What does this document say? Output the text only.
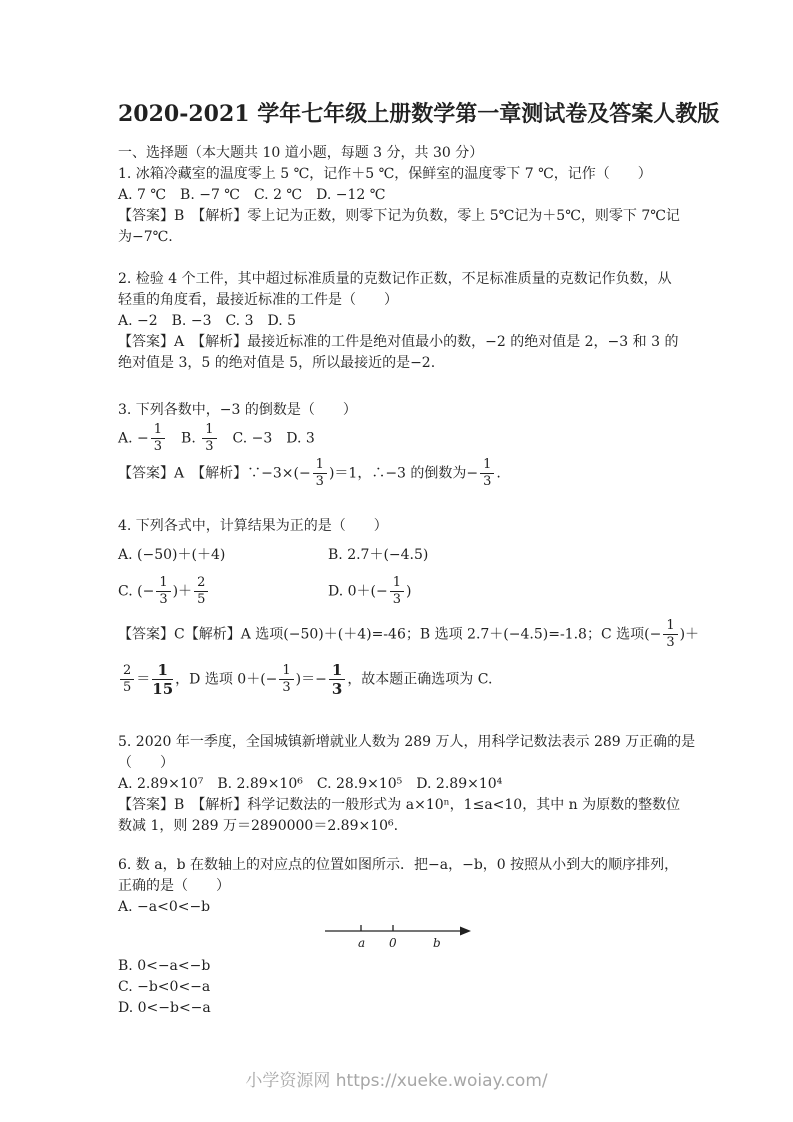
2020-2021 学年七年级上册数学第一章测试卷及答案人教版

一、选择题（本大题共 10 道小题，每题 3 分，共 30 分）

1. 冰箱冷藏室的温度零上 5 ℃，记作＋5 ℃，保鲜室的温度零下 7 ℃，记作（　　）

A. 7 ℃　B. −7 ℃　C. 2 ℃　D. −12 ℃

【答案】B　【解析】零上记为正数，则零下记为负数，零上 5℃记为＋5℃，则零下 7℃记

为−7℃.

2. 检验 4 个工件，其中超过标准质量的克数记作正数，不足标准质量的克数记作负数，从

轻重的角度看，最接近标准的工件是（　　）

A. −2　B. −3　C. 3　D. 5

【答案】A　【解析】最接近标准的工件是绝对值最小的数，−2 的绝对值是 2，−3 和 3 的

绝对值是 3，5 的绝对值是 5，所以最接近的是−2.

3. 下列各数中，−3 的倒数是（　　）

A. − $\frac{1}{3}$ 　B. $\frac{1}{3}$ 　C. −3　D. 3

【答案】A　【解析】∵−3×(− $\frac{1}{3} )=1$，∴−3 的倒数为− $\frac{1}{3}$ .

4. 下列各式中，计算结果为正的是（　　）

A. (−50)＋(＋4)	B. 2.7＋(−4.5)

C. (− $\frac{1}{3}$ )＋ $\frac{2}{5}$	D. $0+(- \frac{1}{3}$ )

【答案】C【解析】A 选项(−50)＋(＋4)=-46；B 选项 2.7＋(−4.5)=-1.8；C 选项(− $\frac{1}{3}$ )＋

$\frac{2}{5} = \frac{1}{15}$ ，D 选项 $0+(- \frac{1}{3}$ )＝− $\frac{1}{3}$ ，故本题正确选项为 C.

5. 2020 年一季度，全国城镇新增就业人数为 289 万人，用科学记数法表示 289 万正确的是

（　　）

A. 2.89×10⁷　B. 2.89×10⁶　C. 28.9×10⁵　D. 2.89×10⁴

【答案】B　【解析】科学记数法的一般形式为 a×10ⁿ，1≤a<10，其中 n 为原数的整数位

数减 1，则 289 万＝2890000＝2.89×10⁶.

6. 数 a，b 在数轴上的对应点的位置如图所示．把−a，−b，0 按照从小到大的顺序排列，

正确的是（　　）

A. −a<0<−b

a 0	b

B. 0<−a<−b

C. −b<0<−a

D. 0<−b<−a

小学资源网 https://xueke.woiay.com/
